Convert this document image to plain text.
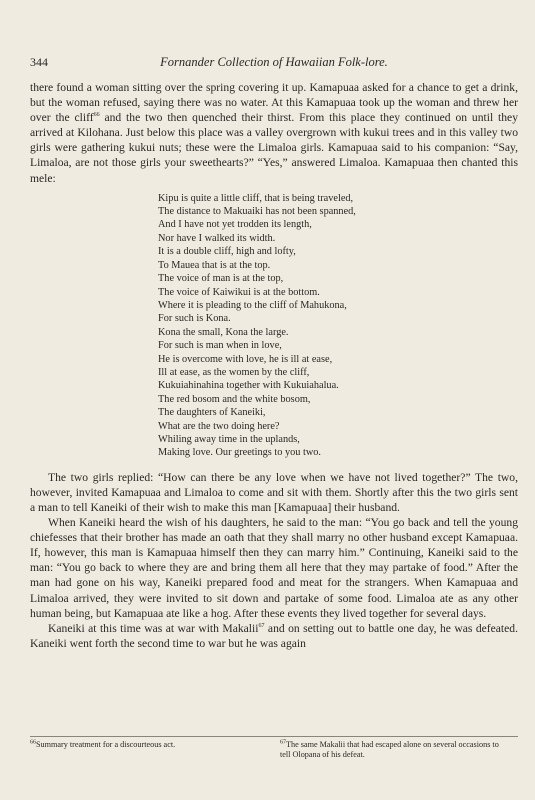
344	Fornander Collection of Hawaiian Folk-lore.

there found a woman sitting over the spring covering it up. Kamapuaa asked for a chance to get a drink, but the woman refused, saying there was no water. At this Kamapuaa took up the woman and threw her over the cliff$^{66}$ and the two then quenched their thirst. From this place they continued on until they arrived at Kilohana. Just below this place was a valley overgrown with kukui trees and in this valley two girls were gathering kukui nuts; these were the Limaloa girls. Kamapuaa said to his companion: “Say, Limaloa, are not those girls your sweethearts?” “Yes,” answered Limaloa. Kamapuaa then chanted this mele:

Kipu is quite a little cliff, that is being traveled,
The distance to Makuaiki has not been spanned,
And I have not yet trodden its length,
Nor have I walked its width.
It is a double cliff, high and lofty,
To Mauea that is at the top.
The voice of man is at the top,
The voice of Kaiwikui is at the bottom.
Where it is pleading to the cliff of Mahukona,
For such is Kona.
Kona the small, Kona the large.
For such is man when in love,
He is overcome with love, he is ill at ease,
Ill at ease, as the women by the cliff,
Kukuiahinahina together with Kukuiahalua.
The red bosom and the white bosom,
The daughters of Kaneiki,
What are the two doing here?
Whiling away time in the uplands,
Making love. Our greetings to you two.

The two girls replied: “How can there be any love when we have not lived together?” The two, however, invited Kamapuaa and Limaloa to come and sit with them. Shortly after this the two girls sent a man to tell Kaneiki of their wish to make this man [Kamapuaa] their husband.

When Kaneiki heard the wish of his daughters, he said to the man: “You go back and tell the young chiefesses that their brother has made an oath that they shall marry no other husband except Kamapuaa. If, however, this man is Kamapuaa himself then they can marry him.” Continuing, Kaneiki said to the man: “You go back to where they are and bring them all here that they may partake of food.” After the man had gone on his way, Kaneiki prepared food and meat for the strangers. When Kamapuaa and Limaloa arrived, they were invited to sit down and partake of some food. Limaloa ate as any other human being, but Kamapuaa ate like a hog. After these events they lived together for several days.

Kaneiki at this time was at war with Makalii$^{67}$ and on setting out to battle one day, he was defeated. Kaneiki went forth the second time to war but he was again

$^{66}$Summary treatment for a discourteous act.	$^{67}$The same Makalii that had escaped alone on several occasions to tell Olopana of his defeat.
